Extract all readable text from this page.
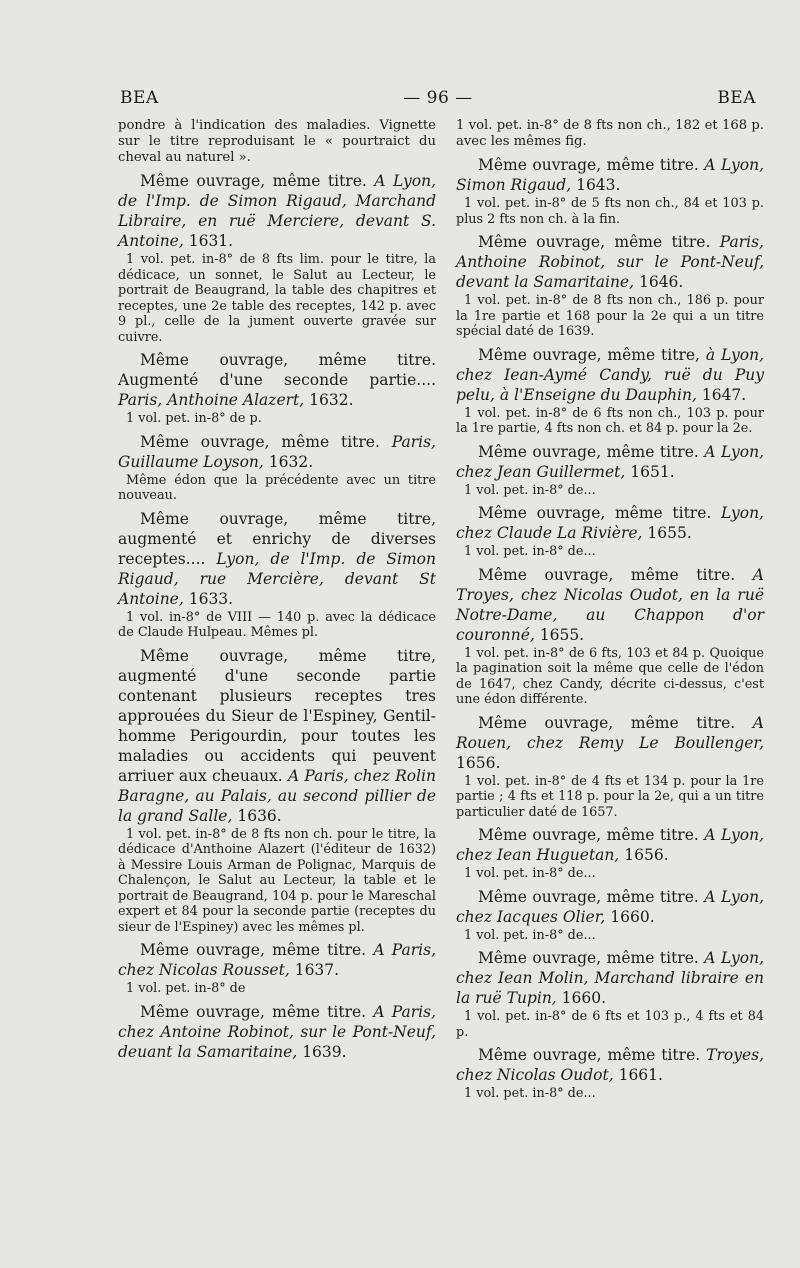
BEA	— 96 —	BEA

pondre à l'indication des maladies. Vignette sur le titre reproduisant le « pourtraict du cheval au naturel ».

Même ouvrage, même titre. A Lyon, de l'Imp. de Simon Rigaud, Marchand Libraire, en ruë Merciere, devant S. Antoine, 1631.

1 vol. pet. in-8° de 8 fts lim. pour le titre, la dédicace, un sonnet, le Salut au Lecteur, le portrait de Beaugrand, la table des chapitres et receptes, une 2e table des receptes, 142 p. avec 9 pl., celle de la jument ouverte gravée sur cuivre.

Même ouvrage, même titre. Augmenté d'une seconde partie.... Paris, Anthoine Alazert, 1632.

1 vol. pet. in-8° de p.

Même ouvrage, même titre. Paris, Guillaume Loyson, 1632.

Même édon que la précédente avec un titre nouveau.

Même ouvrage, même titre, augmenté et enrichy de diverses receptes.... Lyon, de l'Imp. de Simon Rigaud, rue Mercière, devant St Antoine, 1633.

1 vol. in-8° de VIII — 140 p. avec la dédicace de Claude Hulpeau. Mêmes pl.

Même ouvrage, même titre, augmenté d'une seconde partie contenant plusieurs receptes tres approuées du Sieur de l'Espiney, Gentil-homme Perigourdin, pour toutes les maladies ou accidents qui peuvent arriuer aux cheuaux. A Paris, chez Rolin Baragne, au Palais, au second pillier de la grand Salle, 1636.

1 vol. pet. in-8° de 8 fts non ch. pour le titre, la dédicace d'Anthoine Alazert (l'éditeur de 1632) à Messire Louis Arman de Polignac, Marquis de Chalençon, le Salut au Lecteur, la table et le portrait de Beaugrand, 104 p. pour le Mareschal expert et 84 pour la seconde partie (receptes du sieur de l'Espiney) avec les mêmes pl.

Même ouvrage, même titre. A Paris, chez Nicolas Rousset, 1637.

1 vol. pet. in-8° de

Même ouvrage, même titre. A Paris, chez Antoine Robinot, sur le Pont-Neuf, deuant la Samaritaine, 1639.

1 vol. pet. in-8° de 8 fts non ch., 182 et 168 p. avec les mêmes fig.

Même ouvrage, même titre. A Lyon, Simon Rigaud, 1643.

1 vol. pet. in-8° de 5 fts non ch., 84 et 103 p. plus 2 fts non ch. à la fin.

Même ouvrage, même titre. Paris, Anthoine Robinot, sur le Pont-Neuf, devant la Samaritaine, 1646.

1 vol. pet. in-8° de 8 fts non ch., 186 p. pour la 1re partie et 168 pour la 2e qui a un titre spécial daté de 1639.

Même ouvrage, même titre, à Lyon, chez Iean-Aymé Candy, ruë du Puy pelu, à l'Enseigne du Dauphin, 1647.

1 vol. pet. in-8° de 6 fts non ch., 103 p. pour la 1re partie, 4 fts non ch. et 84 p. pour la 2e.

Même ouvrage, même titre. A Lyon, chez Jean Guillermet, 1651.

1 vol. pet. in-8° de...

Même ouvrage, même titre. Lyon, chez Claude La Rivière, 1655.

1 vol. pet. in-8° de...

Même ouvrage, même titre. A Troyes, chez Nicolas Oudot, en la ruë Notre-Dame, au Chappon d'or couronné, 1655.

1 vol. pet. in-8° de 6 fts, 103 et 84 p. Quoique la pagination soit la même que celle de l'édon de 1647, chez Candy, décrite ci-dessus, c'est une édon différente.

Même ouvrage, même titre. A Rouen, chez Remy Le Boullenger, 1656.

1 vol. pet. in-8° de 4 fts et 134 p. pour la 1re partie ; 4 fts et 118 p. pour la 2e, qui a un titre particulier daté de 1657.

Même ouvrage, même titre. A Lyon, chez Iean Huguetan, 1656.

1 vol. pet. in-8° de...

Même ouvrage, même titre. A Lyon, chez Iacques Olier, 1660.

1 vol. pet. in-8° de...

Même ouvrage, même titre. A Lyon, chez Iean Molin, Marchand libraire en la ruë Tupin, 1660.

1 vol. pet. in-8° de 6 fts et 103 p., 4 fts et 84 p.

Même ouvrage, même titre. Troyes, chez Nicolas Oudot, 1661.

1 vol. pet. in-8° de...
